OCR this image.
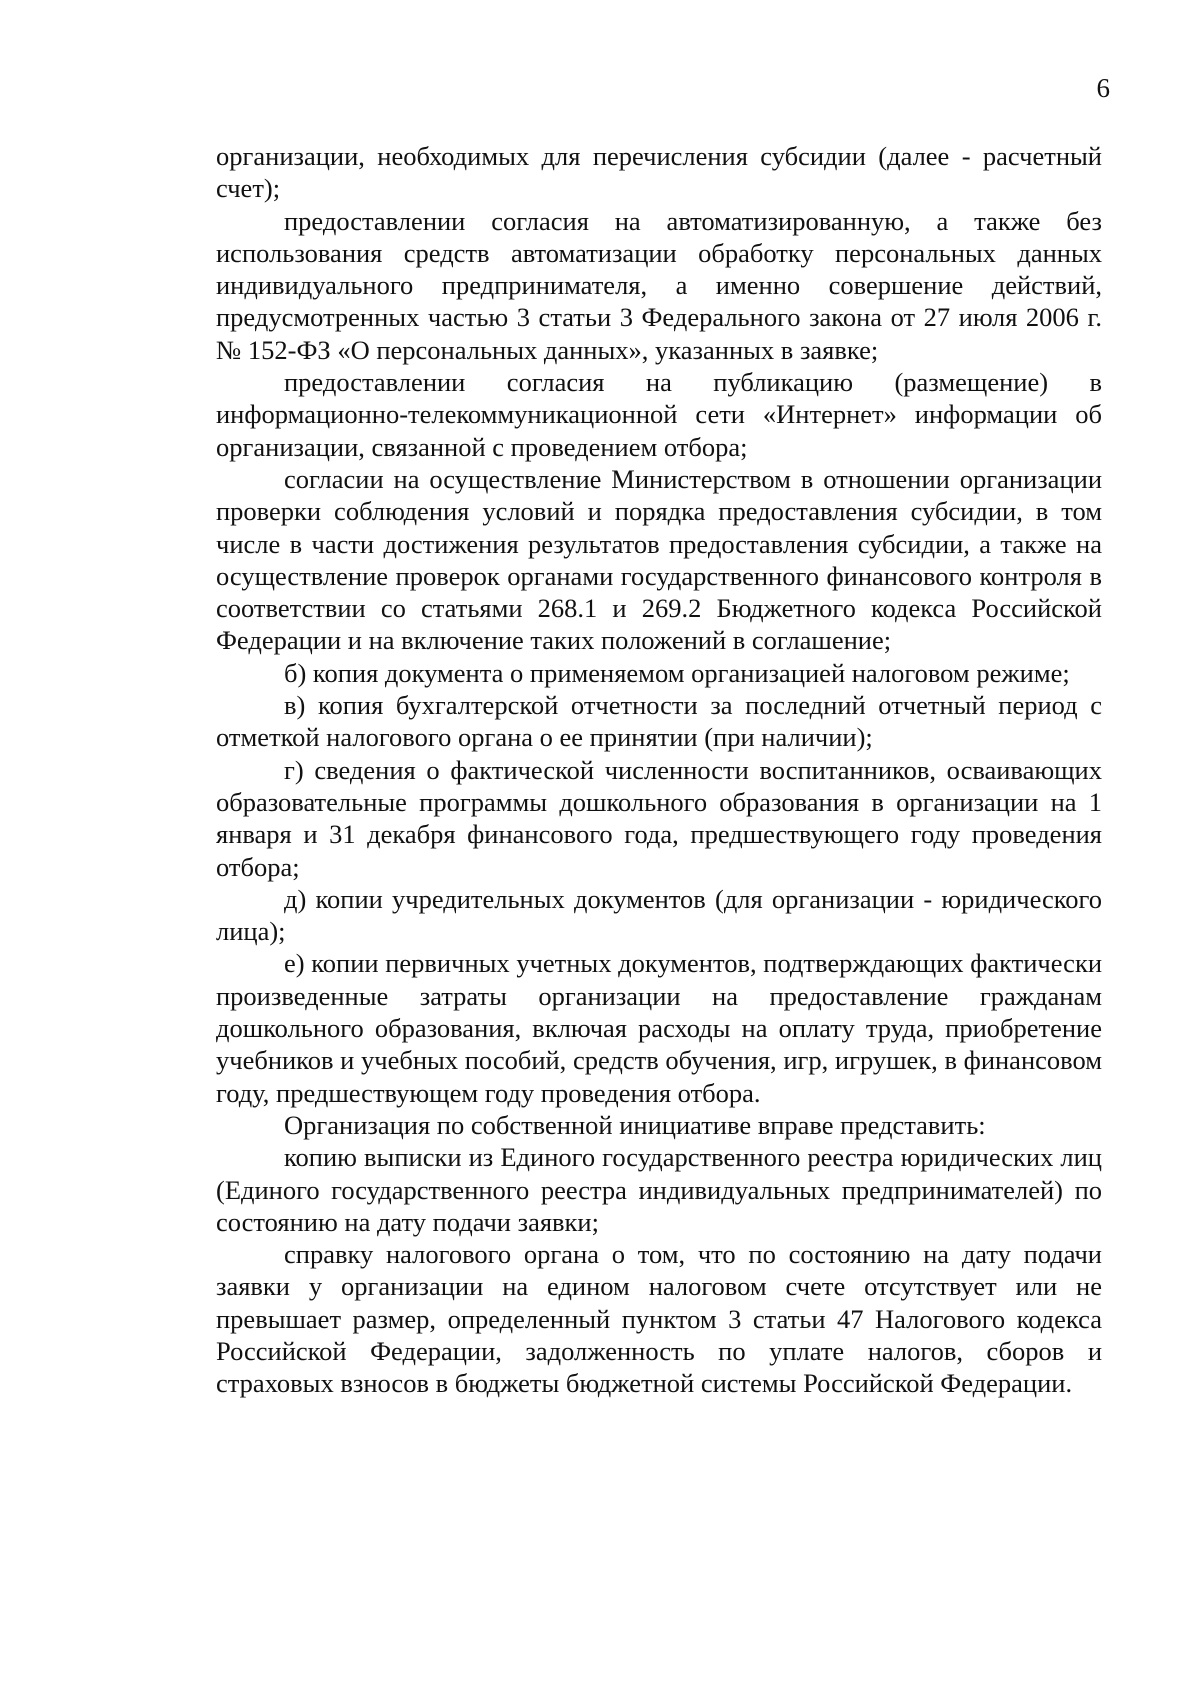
6

организации, необходимых для перечисления субсидии (далее - расчетный счет);

предоставлении согласия на автоматизированную, а также без использования средств автоматизации обработку персональных данных индивидуального предпринимателя, а именно совершение действий, предусмотренных частью 3 статьи 3 Федерального закона от 27 июля 2006 г. № 152-ФЗ «О персональных данных», указанных в заявке;

предоставлении согласия на публикацию (размещение) в информационно-телекоммуникационной сети «Интернет» информации об организации, связанной с проведением отбора;

согласии на осуществление Министерством в отношении организации проверки соблюдения условий и порядка предоставления субсидии, в том числе в части достижения результатов предоставления субсидии, а также на осуществление проверок органами государственного финансового контроля в соответствии со статьями 268.1 и 269.2 Бюджетного кодекса Российской Федерации и на включение таких положений в соглашение;

б) копия документа о применяемом организацией налоговом режиме;

в) копия бухгалтерской отчетности за последний отчетный период с отметкой налогового органа о ее принятии (при наличии);

г) сведения о фактической численности воспитанников, осваивающих образовательные программы дошкольного образования в организации на 1 января и 31 декабря финансового года, предшествующего году проведения отбора;

д) копии учредительных документов (для организации - юридического лица);

е) копии первичных учетных документов, подтверждающих фактически произведенные затраты организации на предоставление гражданам дошкольного образования, включая расходы на оплату труда, приобретение учебников и учебных пособий, средств обучения, игр, игрушек, в финансовом году, предшествующем году проведения отбора.

Организация по собственной инициативе вправе представить:

копию выписки из Единого государственного реестра юридических лиц (Единого государственного реестра индивидуальных предпринимателей) по состоянию на дату подачи заявки;

справку налогового органа о том, что по состоянию на дату подачи заявки у организации на едином налоговом счете отсутствует или не превышает размер, определенный пунктом 3 статьи 47 Налогового кодекса Российской Федерации, задолженность по уплате налогов, сборов и страховых взносов в бюджеты бюджетной системы Российской Федерации.
